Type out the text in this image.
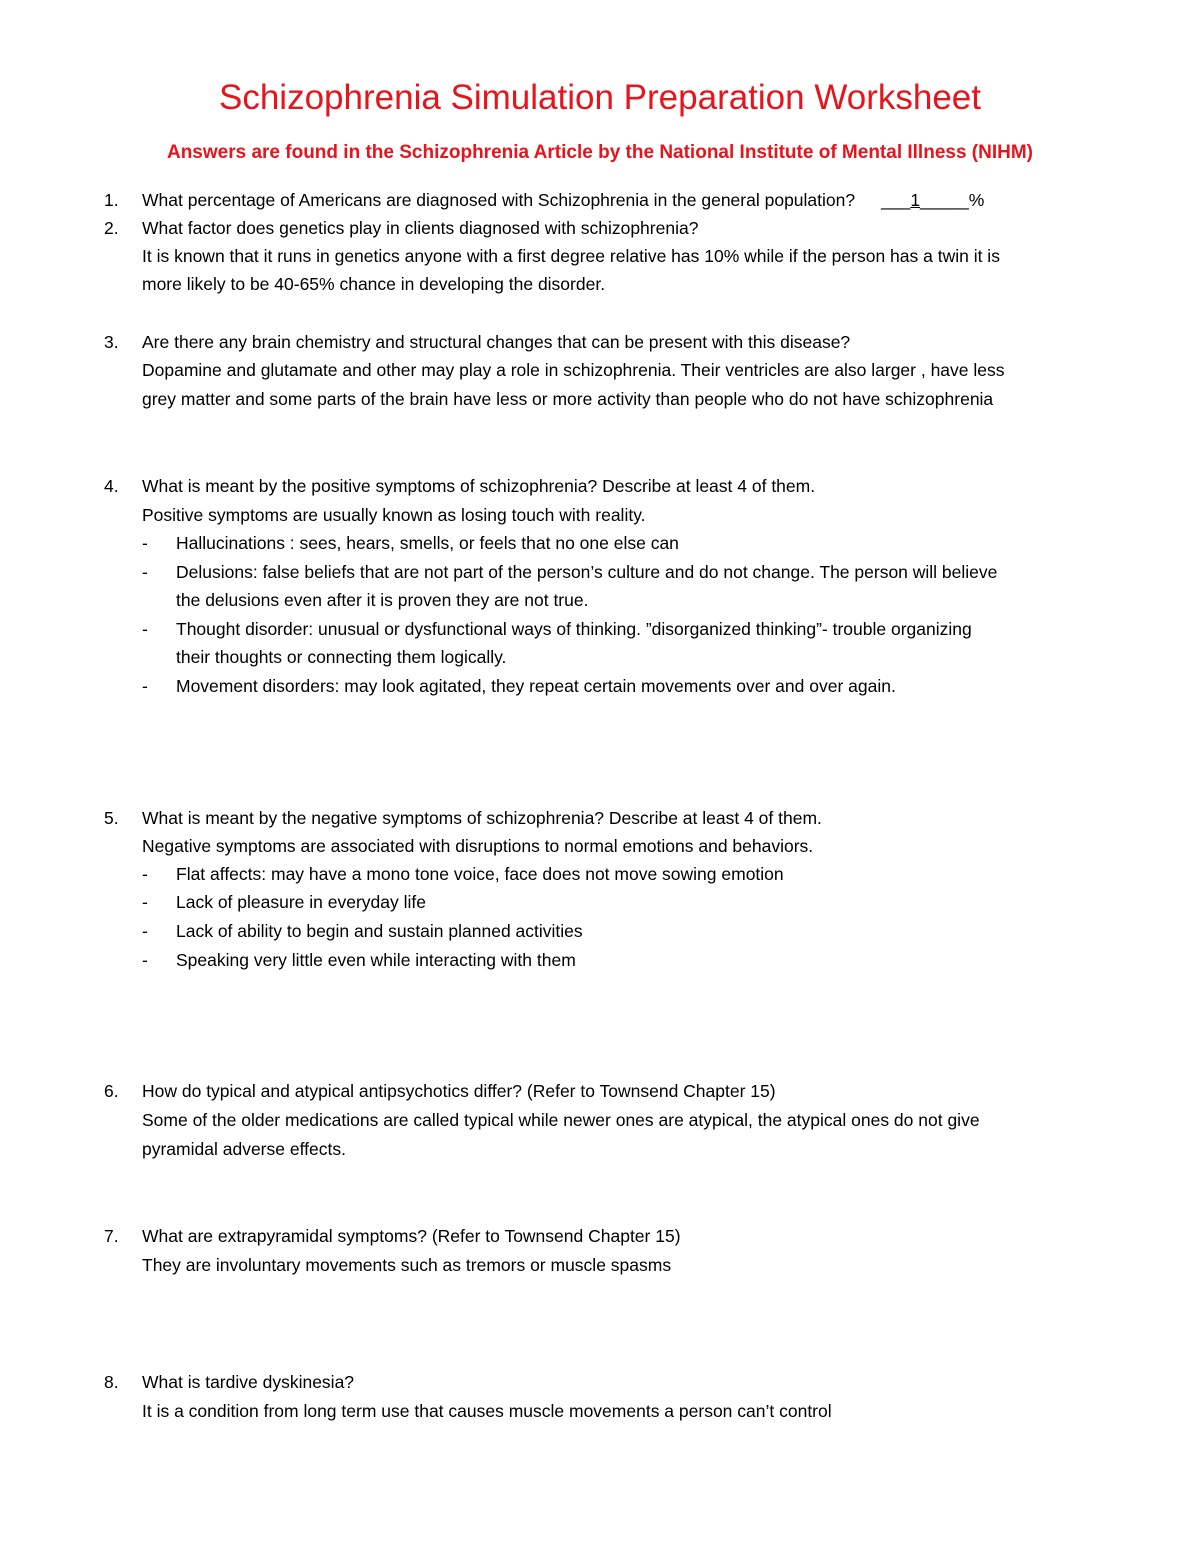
Schizophrenia Simulation Preparation Worksheet
Answers are found in the Schizophrenia Article by the National Institute of Mental Illness (NIHM)
1. What percentage of Americans are diagnosed with Schizophrenia in the general population? ___1_____%
2. What factor does genetics play in clients diagnosed with schizophrenia?
It is known that it runs in genetics anyone with a first degree relative has 10% while if the person has a twin it is
more likely to be 40-65% chance in developing the disorder.
3. Are there any brain chemistry and structural changes that can be present with this disease?
Dopamine and glutamate and other may play a role in schizophrenia. Their ventricles are also larger , have less
grey matter and some parts of the brain have less or more activity than people who do not have schizophrenia
4. What is meant by the positive symptoms of schizophrenia? Describe at least 4 of them.
Positive symptoms are usually known as losing touch with reality.
- Hallucinations : sees, hears, smells, or feels that no one else can
- Delusions: false beliefs that are not part of the person’s culture and do not change. The person will believe
the delusions even after it is proven they are not true.
- Thought disorder: unusual or dysfunctional ways of thinking. ”disorganized thinking”- trouble organizing
their thoughts or connecting them logically.
- Movement disorders: may look agitated, they repeat certain movements over and over again.
5. What is meant by the negative symptoms of schizophrenia? Describe at least 4 of them.
Negative symptoms are associated with disruptions to normal emotions and behaviors.
- Flat affects: may have a mono tone voice, face does not move sowing emotion
- Lack of pleasure in everyday life
- Lack of ability to begin and sustain planned activities
- Speaking very little even while interacting with them
6. How do typical and atypical antipsychotics differ? (Refer to Townsend Chapter 15)
Some of the older medications are called typical while newer ones are atypical, the atypical ones do not give
pyramidal adverse effects.
7. What are extrapyramidal symptoms? (Refer to Townsend Chapter 15)
They are involuntary movements such as tremors or muscle spasms
8. What is tardive dyskinesia?
It is a condition from long term use that causes muscle movements a person can’t control
